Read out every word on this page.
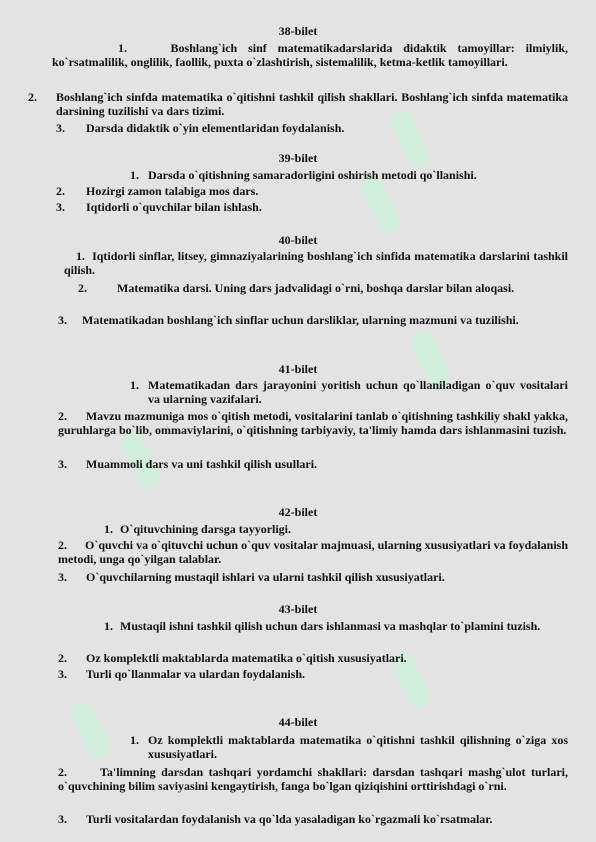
38-bilet
1.	Boshlang`ich sinf matematikadarslarida didaktik tamoyillar: ilmiylik, ko`rsatmalilik, onglilik, faollik, puxta o`zlashtirish, sistemalilik, ketma-ketlik tamoyillari.
2. Boshlang`ich sinfda matematika o`qitishni tashkil qilish shakllari. Boshlang`ich sinfda matematika darsining tuzilishi va dars tizimi.
3. Darsda didaktik o`yin elementlaridan foydalanish.
39-bilet
1. Darsda o`qitishning samaradorligini oshirish metodi qo`llanishi.
2. Hozirgi zamon talabiga mos dars.
3. Iqtidorli o`quvchilar bilan ishlash.
40-bilet
1. Iqtidorli sinflar, litsey, gimnaziyalarining boshlang`ich sinfida matematika darslarini tashkil qilish.
2.	Matematika darsi. Uning dars jadvalidagi o`rni, boshqa darslar bilan aloqasi.
3. Matematikadan boshlang`ich sinflar uchun darsliklar, ularning mazmuni va tuzilishi.
41-bilet
1. Matematikadan dars jarayonini yoritish uchun qo`llaniladigan o`quv vositalari va ularning vazifalari.
2. Mavzu mazmuniga mos o`qitish metodi, vositalarini tanlab o`qitishning tashkiliy shakl yakka, guruhlarga bo`lib, ommaviylarini, o`qitishning tarbiyaviy, ta'limiy hamda dars ishlanmasini tuzish.
3. Muammoli dars va uni tashkil qilish usullari.
42-bilet
1. O`qituvchining darsga tayyorligi.
2. O`quvchi va o`qituvchi uchun o`quv vositalar majmuasi, ularning xususiyatlari va foydalanish metodi, unga qo`yilgan talablar.
3. O`quvchilarning mustaqil ishlari va ularni tashkil qilish xususiyatlari.
43-bilet
1. Mustaqil ishni tashkil qilish uchun dars ishlanmasi va mashqlar to`plamini tuzish.
2. Oz komplektli maktablarda matematika o`qitish xususiyatlari.
3. Turli qo`llanmalar va ulardan foydalanish.
44-bilet
1. Oz komplektli maktablarda matematika o`qitishni tashkil qilishning o`ziga xos xususiyatlari.
2.	Ta'limning darsdan tashqari yordamchi shakllari: darsdan tashqari mashg`ulot turlari, o`quvchining bilim saviyasini kengaytirish, fanga bo`lgan qiziqishini orttirishdagi o`rni.
3. Turli vositalardan foydalanish va qo`lda yasaladigan ko`rgazmali ko`rsatmalar.
